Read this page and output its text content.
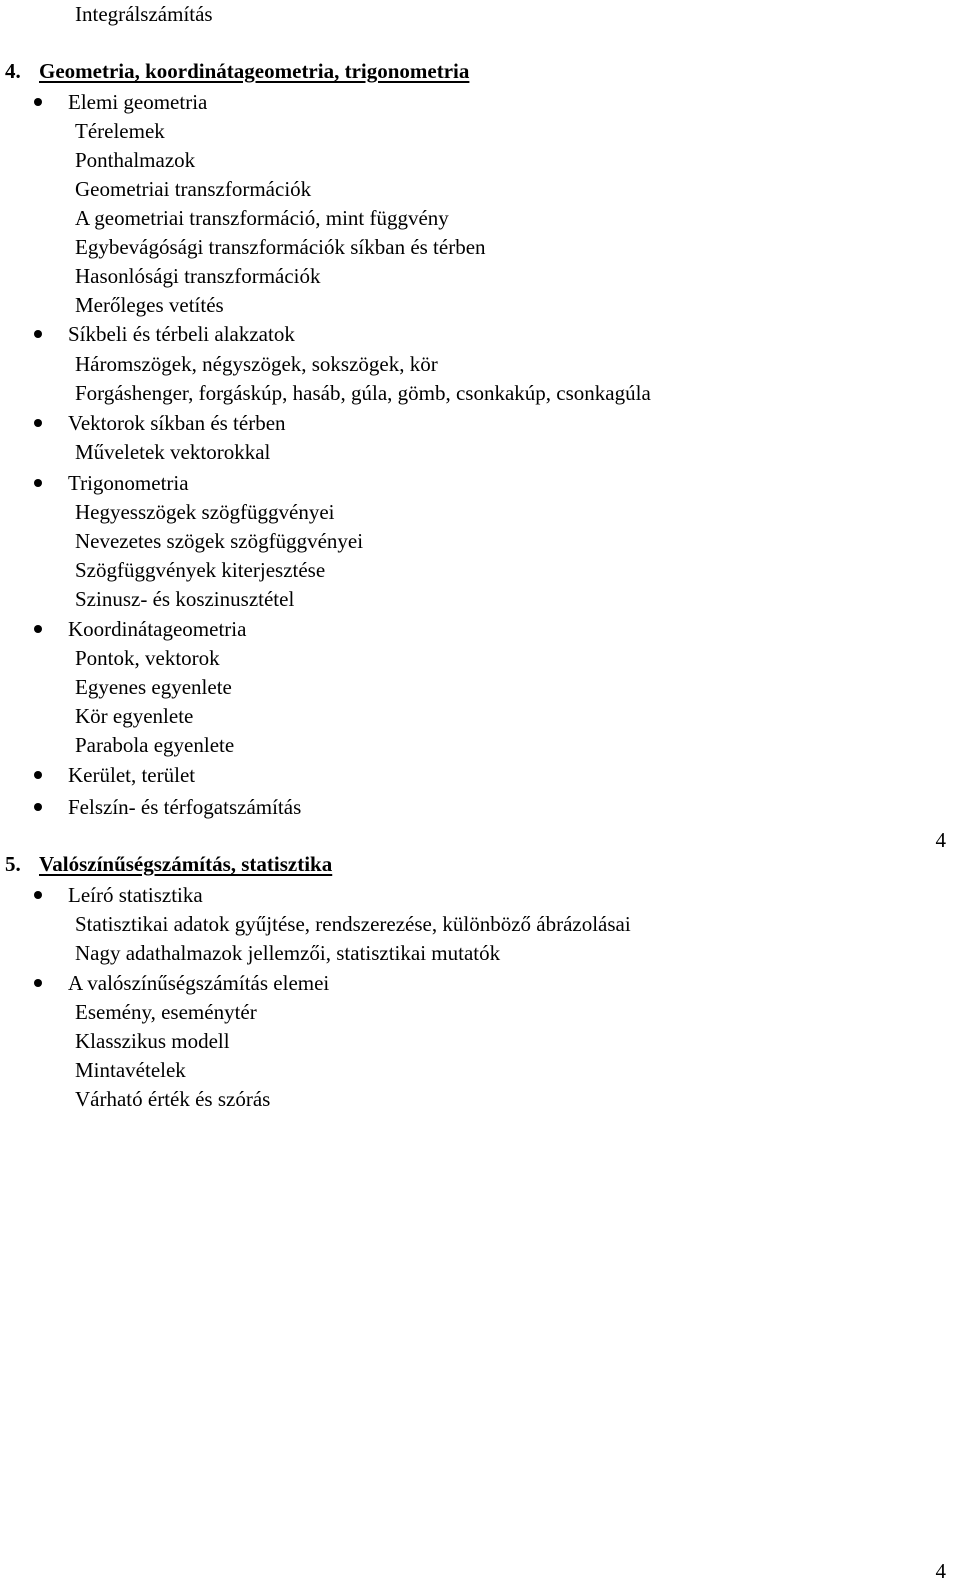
Integrálszámítás
4. Geometria, koordinátageometria, trigonometria
Elemi geometria
Térelemek
Ponthalmazok
Geometriai transzformációk
A geometriai transzformáció, mint függvény
Egybevágósági transzformációk síkban és térben
Hasonlósági transzformációk
Merőleges vetítés
Síkbeli és térbeli alakzatok
Háromszögek, négyszögek, sokszögek, kör
Forgáshenger, forgáskúp, hasáb, gúla, gömb, csonkakúp, csonkagúla
Vektorok síkban és térben
Műveletek vektorokkal
Trigonometria
Hegyesszögek szögfüggvényei
Nevezetes szögek szögfüggvényei
Szögfüggvények kiterjesztése
Szinusz- és koszinusztétel
Koordinátageometria
Pontok, vektorok
Egyenes egyenlete
Kör egyenlete
Parabola egyenlete
Kerület, terület
Felszín- és térfogatszámítás
5. Valószínűségszámítás, statisztika
Leíró statisztika
Statisztikai adatok gyűjtése, rendszerezése, különböző ábrázolásai
Nagy adathalmazok jellemzői, statisztikai mutatók
A valószínűségszámítás elemei
Esemény, eseménytér
Klasszikus modell
Mintavételek
Várható érték és szórás
4
4
